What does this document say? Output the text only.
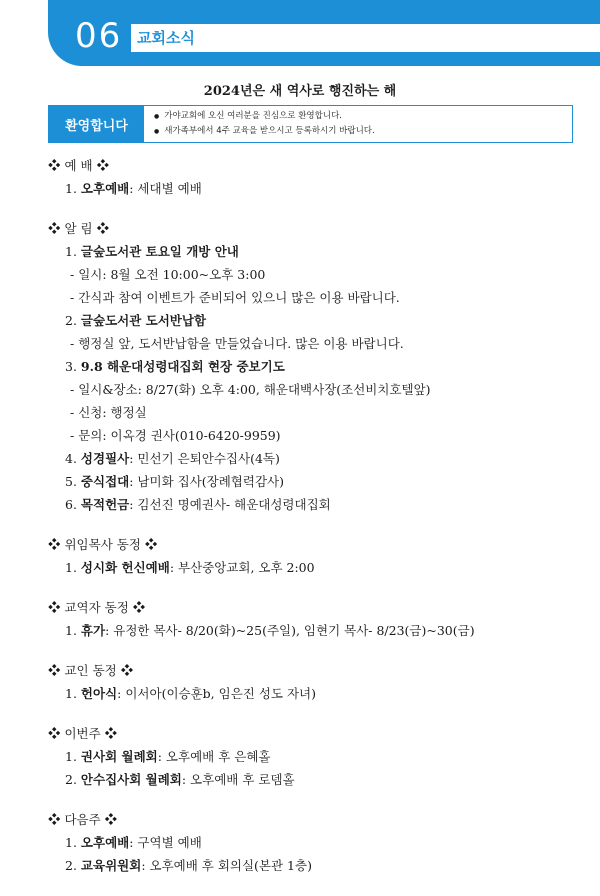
06 교회소식
2024년은 새 역사로 행진하는 해
환영합니다
● 가야교회에 오신 여러분을 진심으로 환영합니다.
● 새가족부에서 4주 교육을 받으시고 등록하시기 바랍니다.
❖ 예 배 ❖
1. 오후예배: 세대별 예배
❖ 알 림 ❖
1. 글숲도서관 토요일 개방 안내
- 일시: 8월 오전 10:00~오후 3:00
- 간식과 참여 이벤트가 준비되어 있으니 많은 이용 바랍니다.
2. 글숲도서관 도서반납함
- 행정실 앞, 도서반납함을 만들었습니다. 많은 이용 바랍니다.
3. 9.8 해운대성령대집회 현장 중보기도
- 일시&장소: 8/27(화) 오후 4:00, 해운대백사장(조선비치호텔앞)
- 신청: 행정실
- 문의: 이옥경 권사(010-6420-9959)
4. 성경필사: 민선기 은퇴안수집사(4독)
5. 중식접대: 남미화 집사(장례협력감사)
6. 목적헌금: 김선진 명예권사- 해운대성령대집회
❖ 위임목사 동정 ❖
1. 성시화 헌신예배: 부산중앙교회, 오후 2:00
❖ 교역자 동정 ❖
1. 휴가: 유정한 목사- 8/20(화)~25(주일), 임현기 목사- 8/23(금)~30(금)
❖ 교인 동정 ❖
1. 헌아식: 이서아(이승훈b, 임은진 성도 자녀)
❖ 이번주 ❖
1. 권사회 월례회: 오후예배 후 은혜홀
2. 안수집사회 월례회: 오후예배 후 로뎀홀
❖ 다음주 ❖
1. 오후예배: 구역별 예배
2. 교육위원회: 오후예배 후 회의실(본관 1층)
